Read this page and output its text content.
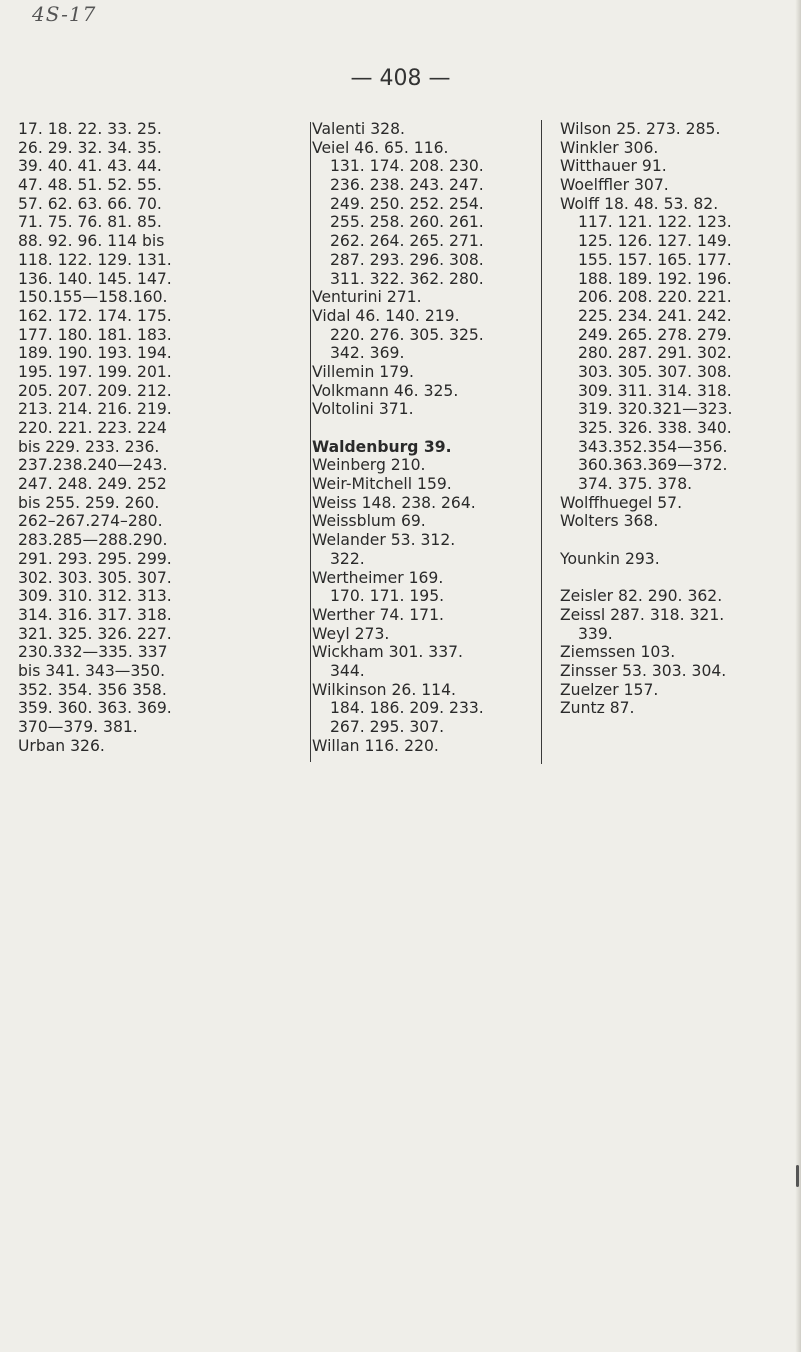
4S-17
— 408 —
17. 18. 22. 33. 25.
26. 29. 32. 34. 35.
39. 40. 41. 43. 44.
47. 48. 51. 52. 55.
57. 62. 63. 66. 70.
71. 75. 76. 81. 85.
88. 92. 96. 114 bis
118. 122. 129. 131.
136. 140. 145. 147.
150.155—158.160.
162. 172. 174. 175.
177. 180. 181. 183.
189. 190. 193. 194.
195. 197. 199. 201.
205. 207. 209. 212.
213. 214. 216. 219.
220. 221. 223. 224
bis 229. 233. 236.
237.238.240—243.
247. 248. 249. 252
bis 255. 259. 260.
262–267.274–280.
283.285—288.290.
291. 293. 295. 299.
302. 303. 305. 307.
309. 310. 312. 313.
314. 316. 317. 318.
321. 325. 326. 227.
230.332—335. 337
bis 341. 343—350.
352. 354. 356 358.
359. 360. 363. 369.
370—379. 381.
Urban 326.
Valenti 328.
Veiel 46. 65. 116.
131. 174. 208. 230.
236. 238. 243. 247.
249. 250. 252. 254.
255. 258. 260. 261.
262. 264. 265. 271.
287. 293. 296. 308.
311. 322. 362. 280.
Venturini 271.
Vidal 46. 140. 219.
220. 276. 305. 325.
342. 369.
Villemin 179.
Volkmann 46. 325.
Voltolini 371.
Waldenburg 39.
Weinberg 210.
Weir-Mitchell 159.
Weiss 148. 238. 264.
Weissblum 69.
Welander 53. 312.
322.
Wertheimer 169.
170. 171. 195.
Werther 74. 171.
Weyl 273.
Wickham 301. 337.
344.
Wilkinson 26. 114.
184. 186. 209. 233.
267. 295. 307.
Willan 116. 220.
Wilson 25. 273. 285.
Winkler 306.
Witthauer 91.
Woelffler 307.
Wolff 18. 48. 53. 82.
117. 121. 122. 123.
125. 126. 127. 149.
155. 157. 165. 177.
188. 189. 192. 196.
206. 208. 220. 221.
225. 234. 241. 242.
249. 265. 278. 279.
280. 287. 291. 302.
303. 305. 307. 308.
309. 311. 314. 318.
319. 320.321—323.
325. 326. 338. 340.
343.352.354—356.
360.363.369—372.
374. 375. 378.
Wolffhuegel 57.
Wolters 368.
Younkin 293.
Zeisler 82. 290. 362.
Zeissl 287. 318. 321.
339.
Ziemssen 103.
Zinsser 53. 303. 304.
Zuelzer 157.
Zuntz 87.
